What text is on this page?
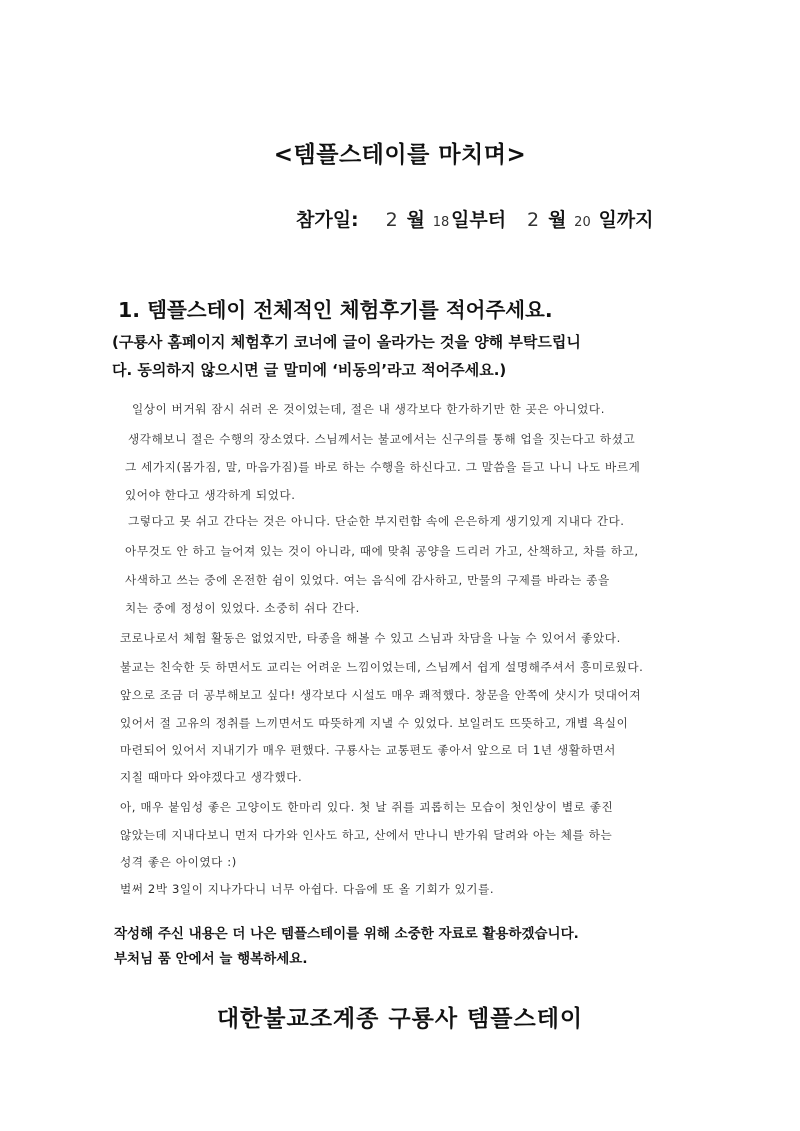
<템플스테이를 마치며>
참가일:	2 월 18 일부터	2 월 20 일까지
1. 템플스테이 전체적인 체험후기를 적어주세요.
(구룡사 홈페이지 체험후기 코너에 글이 올라가는 것을 양해 부탁드립니
다. 동의하지 않으시면 글 말미에 ‘비동의’라고 적어주세요.)
일상이 버거워 잠시 쉬러 온 것이었는데, 절은 내 생각보다 한가하기만 한 곳은 아니었다.
생각해보니 절은 수행의 장소였다. 스님께서는 불교에서는 신구의를 통해 업을 짓는다고 하셨고
그 세가지(몸가짐, 말, 마음가짐)를 바로 하는 수행을 하신다고. 그 말씀을 듣고 나니 나도 바르게
있어야 한다고 생각하게 되었다.
그렇다고 못 쉬고 간다는 것은 아니다. 단순한 부지런함 속에 은은하게 생기있게 지내다 간다.
아무것도 안 하고 늘어져 있는 것이 아니라, 때에 맞춰 공양을 드리러 가고, 산책하고, 차를 하고,
사색하고 쓰는 중에 온전한 쉼이 있었다. 여는 음식에 감사하고, 만물의 구제를 바라는 종을
치는 중에 정성이 있었다. 소중히 쉬다 간다.
코로나로서 체험 활동은 없었지만, 타종을 해볼 수 있고 스님과 차담을 나눌 수 있어서 좋았다.
불교는 친숙한 듯 하면서도 교리는 어려운 느낌이었는데, 스님께서 쉽게 설명해주셔서 흥미로웠다.
앞으로 조금 더 공부해보고 싶다! 생각보다 시설도 매우 쾌적했다. 창문을 안쪽에 샷시가 덧대어져
있어서 절 고유의 정취를 느끼면서도 따뜻하게 지낼 수 있었다. 보일러도 뜨뜻하고, 개별 욕실이
마련되어 있어서 지내기가 매우 편했다. 구룡사는 교통편도 좋아서 앞으로 더 1년 생활하면서
지칠 때마다 와야겠다고 생각했다.
아, 매우 붙임성 좋은 고양이도 한마리 있다. 첫 날 쥐를 괴롭히는 모습이 첫인상이 별로 좋진
않았는데 지내다보니 먼저 다가와 인사도 하고, 산에서 만나니 반가워 달려와 아는 체를 하는
성격 좋은 아이였다 :)
벌써 2박 3일이 지나가다니 너무 아쉽다. 다음에 또 올 기회가 있기를.
작성해 주신 내용은 더 나은 템플스테이를 위해 소중한 자료로 활용하겠습니다.
부처님 품 안에서 늘 행복하세요.
대한불교조계종 구룡사 템플스테이
